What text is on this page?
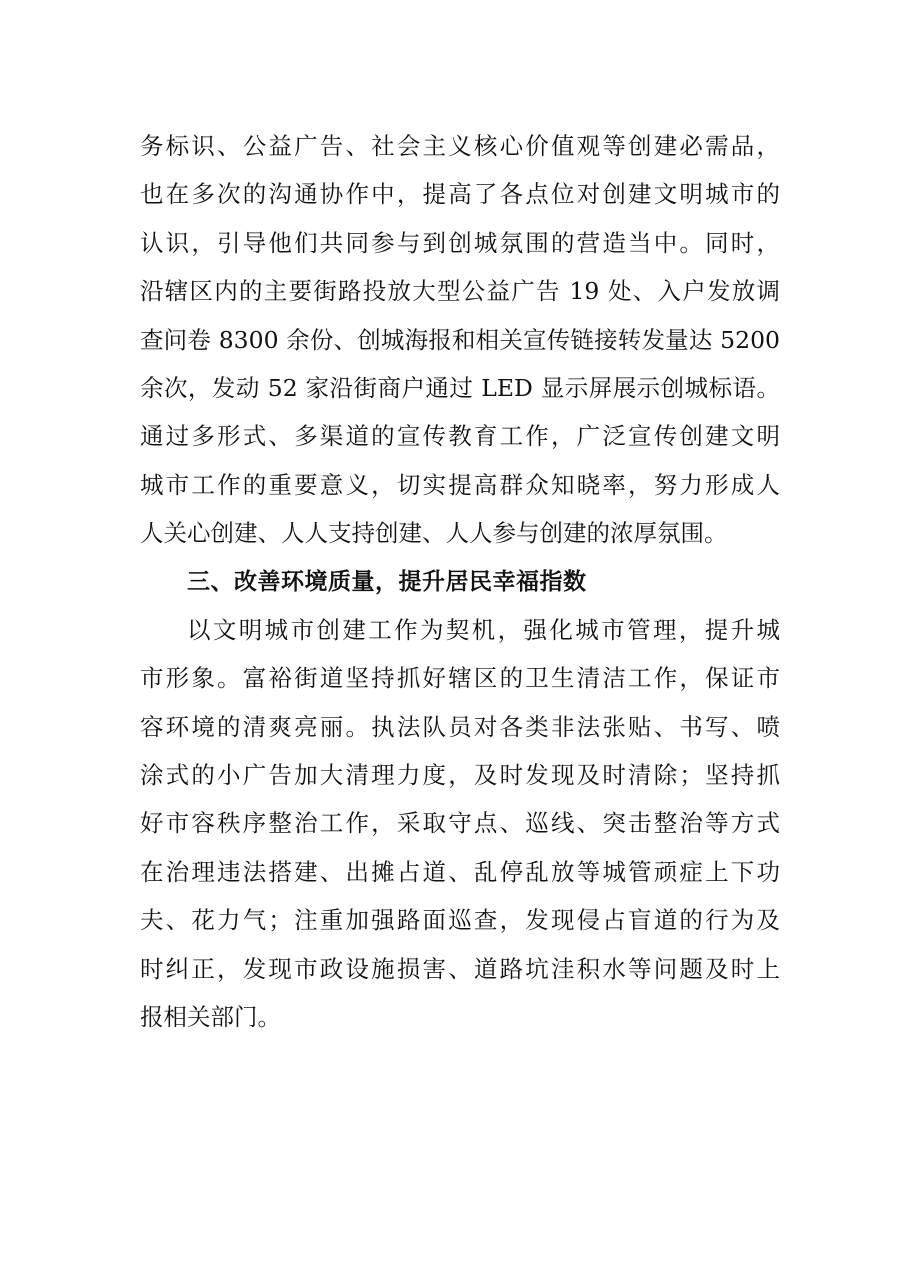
务标识、公益广告、社会主义核心价值观等创建必需品，
也在多次的沟通协作中，提高了各点位对创建文明城市的
认识，引导他们共同参与到创城氛围的营造当中。同时，
沿辖区内的主要街路投放大型公益广告 19 处、入户发放调
查问卷 8300 余份、创城海报和相关宣传链接转发量达 5200
余次，发动 52 家沿街商户通过 LED 显示屏展示创城标语。
通过多形式、多渠道的宣传教育工作，广泛宣传创建文明
城市工作的重要意义，切实提高群众知晓率，努力形成人
人关心创建、人人支持创建、人人参与创建的浓厚氛围。
三、改善环境质量，提升居民幸福指数
以文明城市创建工作为契机，强化城市管理，提升城
市形象。富裕街道坚持抓好辖区的卫生清洁工作，保证市
容环境的清爽亮丽。执法队员对各类非法张贴、书写、喷
涂式的小广告加大清理力度，及时发现及时清除；坚持抓
好市容秩序整治工作，采取守点、巡线、突击整治等方式
在治理违法搭建、出摊占道、乱停乱放等城管顽症上下功
夫、花力气；注重加强路面巡查，发现侵占盲道的行为及
时纠正，发现市政设施损害、道路坑洼积水等问题及时上
报相关部门。
